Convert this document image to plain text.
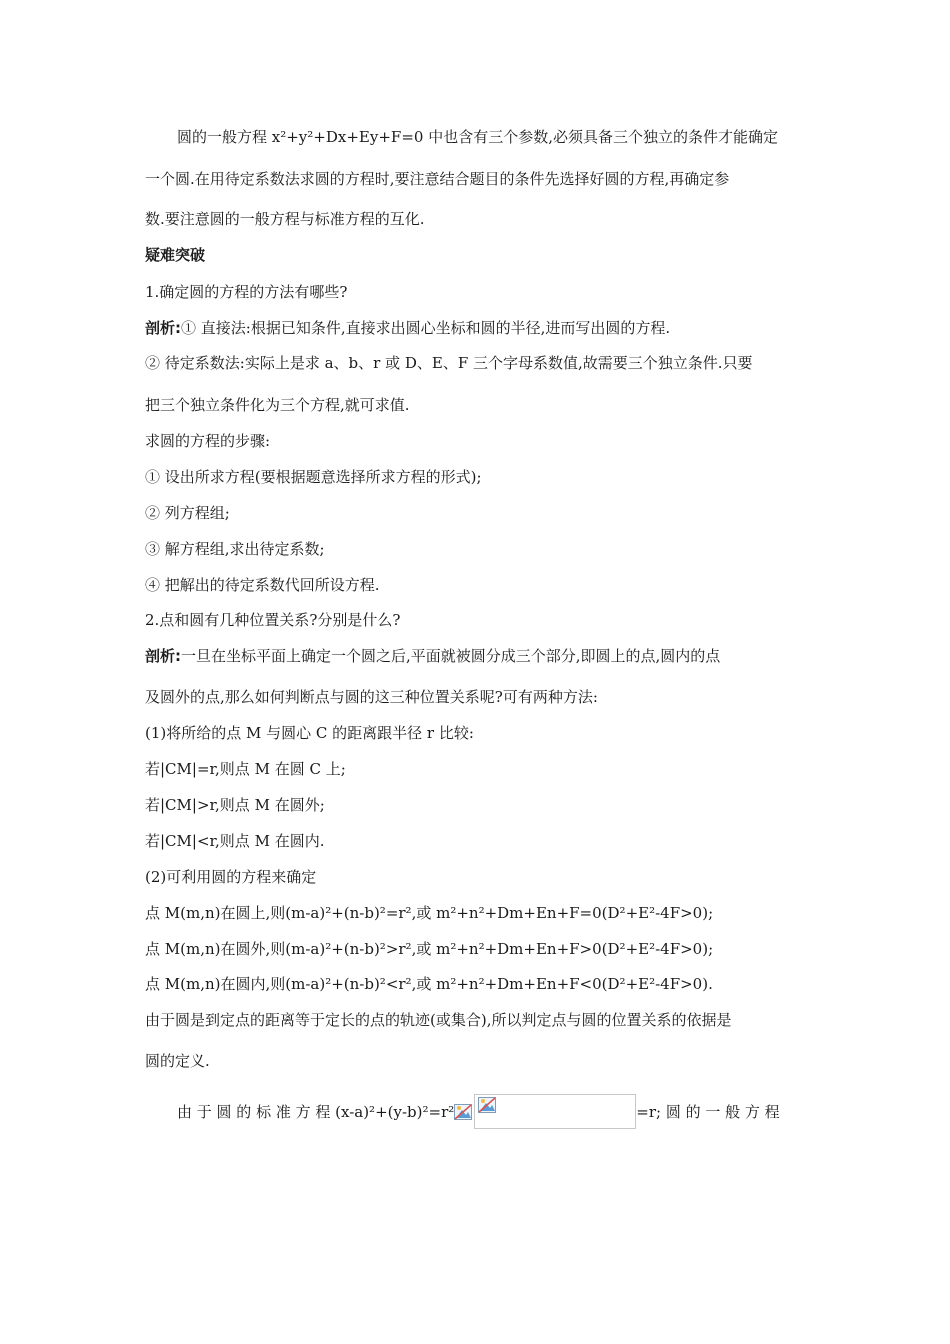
圆的一般方程 x²+y²+Dx+Ey+F=0 中也含有三个参数,必须具备三个独立的条件才能确定
一个圆.在用待定系数法求圆的方程时,要注意结合题目的条件先选择好圆的方程,再确定参
数.要注意圆的一般方程与标准方程的互化.
疑难突破
1.确定圆的方程的方法有哪些?
剖析:① 直接法:根据已知条件,直接求出圆心坐标和圆的半径,进而写出圆的方程.
② 待定系数法:实际上是求 a、b、r 或 D、E、F 三个字母系数值,故需要三个独立条件.只要
把三个独立条件化为三个方程,就可求值.
求圆的方程的步骤:
① 设出所求方程(要根据题意选择所求方程的形式);
② 列方程组;
③ 解方程组,求出待定系数;
④ 把解出的待定系数代回所设方程.
2.点和圆有几种位置关系?分别是什么?
剖析:一旦在坐标平面上确定一个圆之后,平面就被圆分成三个部分,即圆上的点,圆内的点
及圆外的点,那么如何判断点与圆的这三种位置关系呢?可有两种方法:
(1)将所给的点 M 与圆心 C 的距离跟半径 r 比较:
若|CM|=r,则点 M 在圆 C 上;
若|CM|>r,则点 M 在圆外;
若|CM|<r,则点 M 在圆内.
(2)可利用圆的方程来确定
点 M(m,n)在圆上,则(m-a)²+(n-b)²=r²,或 m²+n²+Dm+En+F=0(D²+E²-4F>0);
点 M(m,n)在圆外,则(m-a)²+(n-b)²>r²,或 m²+n²+Dm+En+F>0(D²+E²-4F>0);
点 M(m,n)在圆内,则(m-a)²+(n-b)²<r²,或 m²+n²+Dm+En+F<0(D²+E²-4F>0).
由于圆是到定点的距离等于定长的点的轨迹(或集合),所以判定点与圆的位置关系的依据是
圆的定义.
由 于 圆 的 标 准 方 程 (x-a)²+(y-b)²=r²	=r; 圆 的 一 般 方 程
